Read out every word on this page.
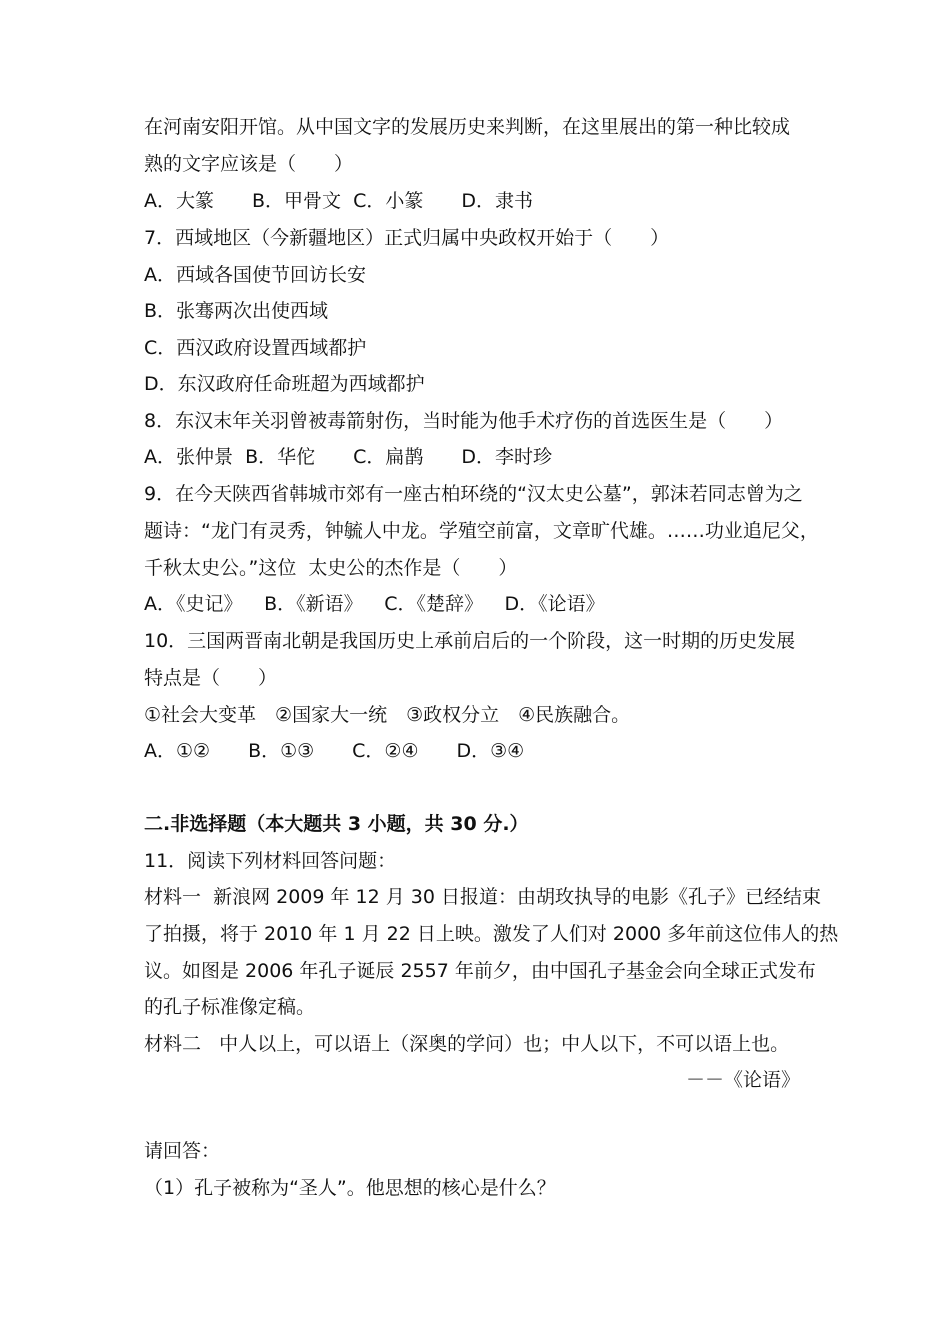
在河南安阳开馆。从中国文字的发展历史来判断，在这里展出的第一种比较成
熟的文字应该是（　　）
A．大篆　　B．甲骨文  C．小篆　　D．隶书
7．西域地区（今新疆地区）正式归属中央政权开始于（　　）
A．西域各国使节回访长安
B．张骞两次出使西域
C．西汉政府设置西域都护
D．东汉政府任命班超为西域都护
8．东汉末年关羽曾被毒箭射伤，当时能为他手术疗伤的首选医生是（　　）
A．张仲景  B．华佗　　C．扁鹊　　D．李时珍
9．在今天陕西省韩城市郊有一座古柏环绕的“汉太史公墓”，郭沫若同志曾为之
题诗：“龙门有灵秀，钟毓人中龙。学殖空前富，文章旷代雄。……功业追尼父，
千秋太史公。”这位  太史公的杰作是（　　）
A．《史记》　  B．《新语》　  C．《楚辞》　  D．《论语》
10．三国两晋南北朝是我国历史上承前启后的一个阶段，这一时期的历史发展
特点是（　　）
①社会大变革　②国家大一统　③政权分立　④民族融合。
A．①②　　B．①③　　C．②④　　D．③④
二.非选择题（本大题共 3 小题，共 30 分.）
11．阅读下列材料回答问题：
材料一  新浪网 2009 年 12 月 30 日报道：由胡玫执导的电影《孔子》已经结束
了拍摄，将于 2010 年 1 月 22 日上映。激发了人们对 2000 多年前这位伟人的热
议。如图是 2006 年孔子诞辰 2557 年前夕，由中国孔子基金会向全球正式发布
的孔子标准像定稿。
材料二   中人以上，可以语上（深奥的学问）也；中人以下，不可以语上也。
－－《论语》
请回答：
（1）孔子被称为“圣人”。他思想的核心是什么？
